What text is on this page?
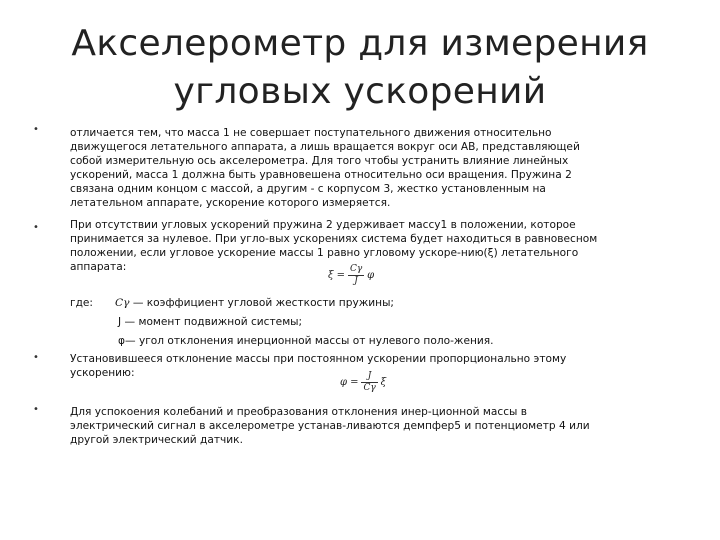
Акселерометр для измерения
угловых ускорений
•	отличается тем, что масса 1 не совершает поступательного движения относительно
движущегося летательного аппарата, а лишь вращается вокруг оси АВ, представляющей
собой измерительную ось акселерометра. Для того чтобы устранить влияние линейных
ускорений, масса 1 должна быть уравновешена относительно оси вращения. Пружина 2
связана одним концом с массой, а другим - с корпусом 3, жестко установленным на
летательном аппарате, ускорение которого измеряется.
•	При отсутствии угловых ускорений пружина 2 удерживает массу1 в положении, которое
принимается за нулевое. При угло-вых ускорениях система будет находиться в равновесном
положении, если угловое ускорение массы 1 равно угловому ускоре-нию(ξ) летательного
аппарата:
$\xi = \frac{C\gamma}{J}$ φ
где: Cγ — коэффициент угловой жесткости пружины;
J — момент подвижной системы;
φ— угол отклонения инерционной массы от нулевого поло-жения.
•	Установившееся отклонение массы при постоянном ускорении пропорционально этому
ускорению:
$\varphi = \frac{J}{C\gamma}$ ξ
•	Для успокоения колебаний и преобразования отклонения инер-ционной массы в
электрический сигнал в акселерометре устанав-ливаются демпфер5 и потенциометр 4 или
другой электрический датчик.
